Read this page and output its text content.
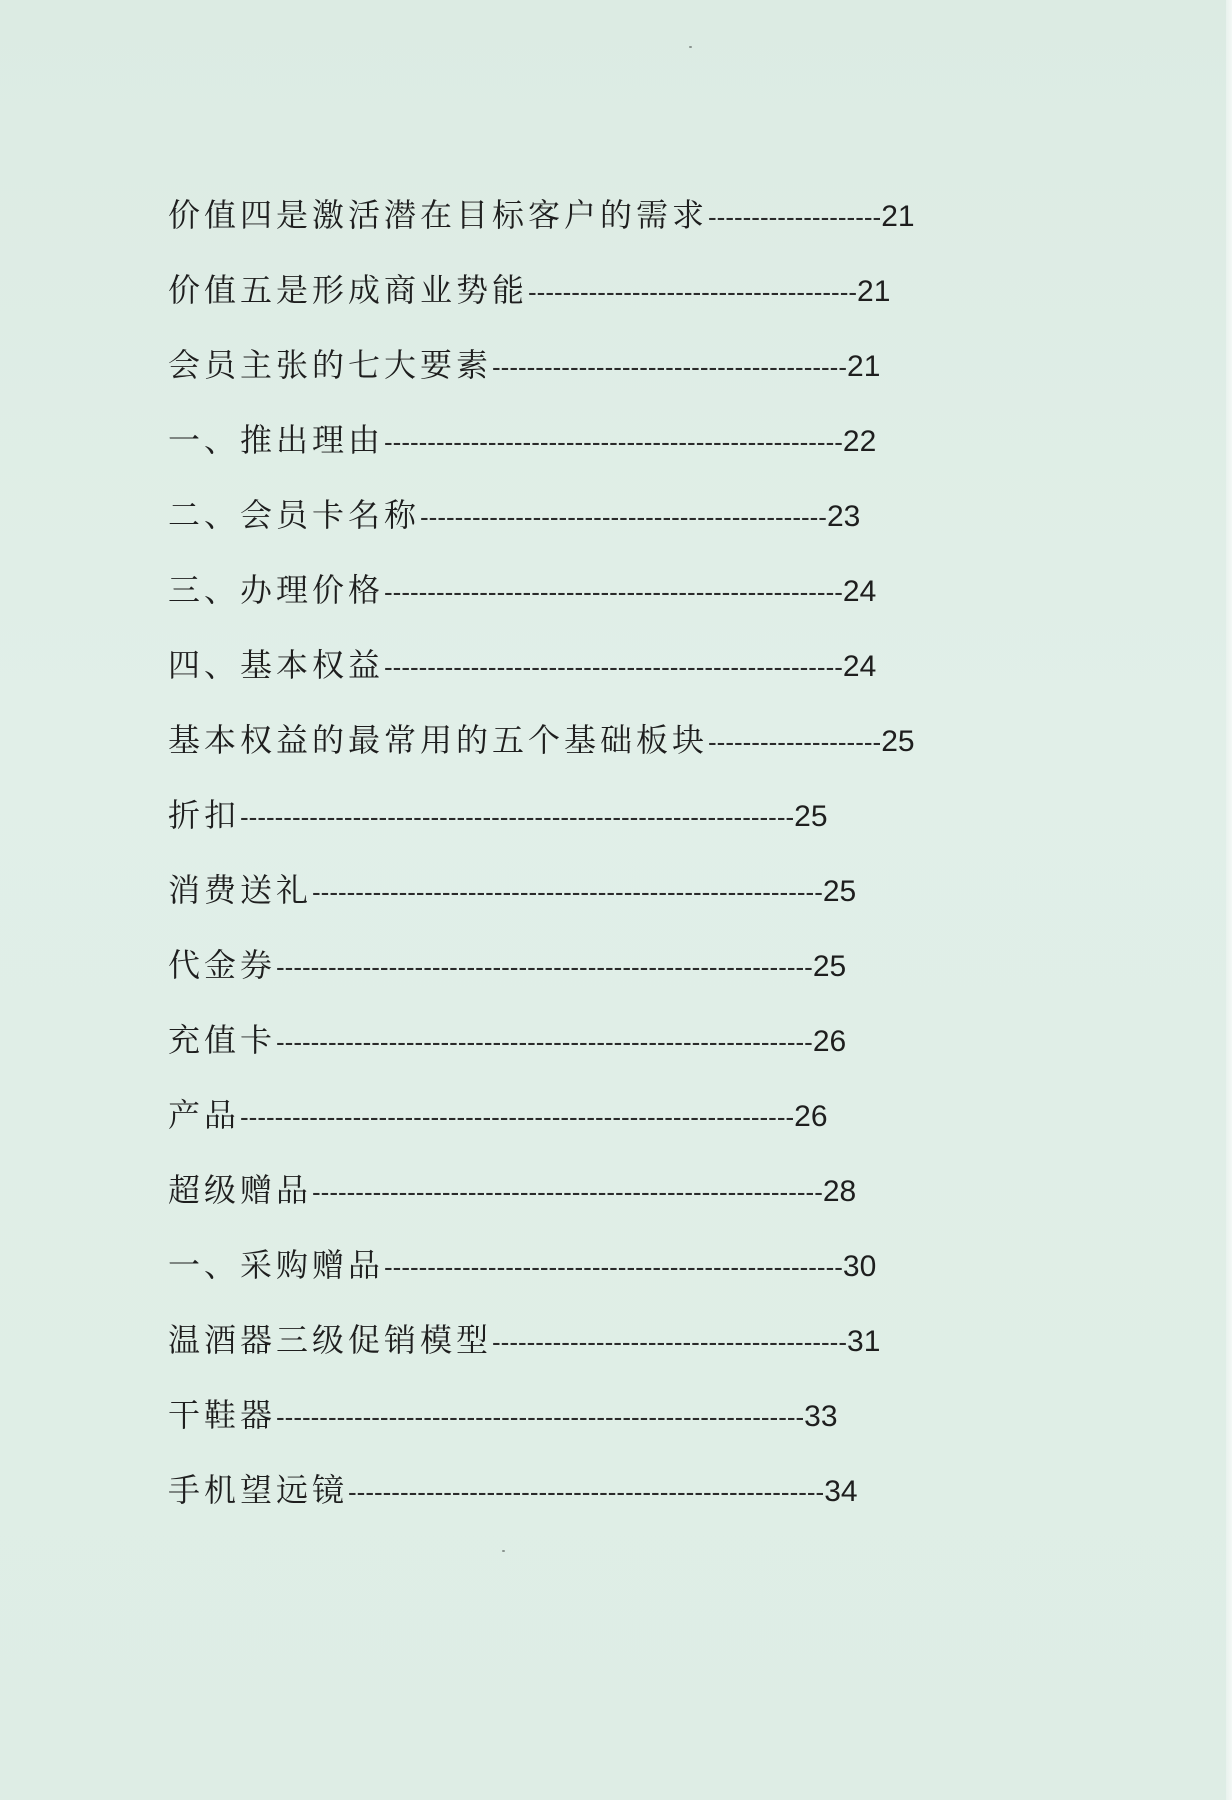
价值四是激活潜在目标客户的需求--------------------21
价值五是形成商业势能--------------------------------------21
会员主张的七大要素-----------------------------------------21
一、推出理由-----------------------------------------------------22
二、会员卡名称-----------------------------------------------23
三、办理价格-----------------------------------------------------24
四、基本权益-----------------------------------------------------24
基本权益的最常用的五个基础板块--------------------25
折扣----------------------------------------------------------------25
消费送礼-----------------------------------------------------------25
代金券--------------------------------------------------------------25
充值卡--------------------------------------------------------------26
产品----------------------------------------------------------------26
超级赠品-----------------------------------------------------------28
一、采购赠品-----------------------------------------------------30
温酒器三级促销模型-----------------------------------------31
干鞋器-------------------------------------------------------------33
手机望远镜-------------------------------------------------------34
